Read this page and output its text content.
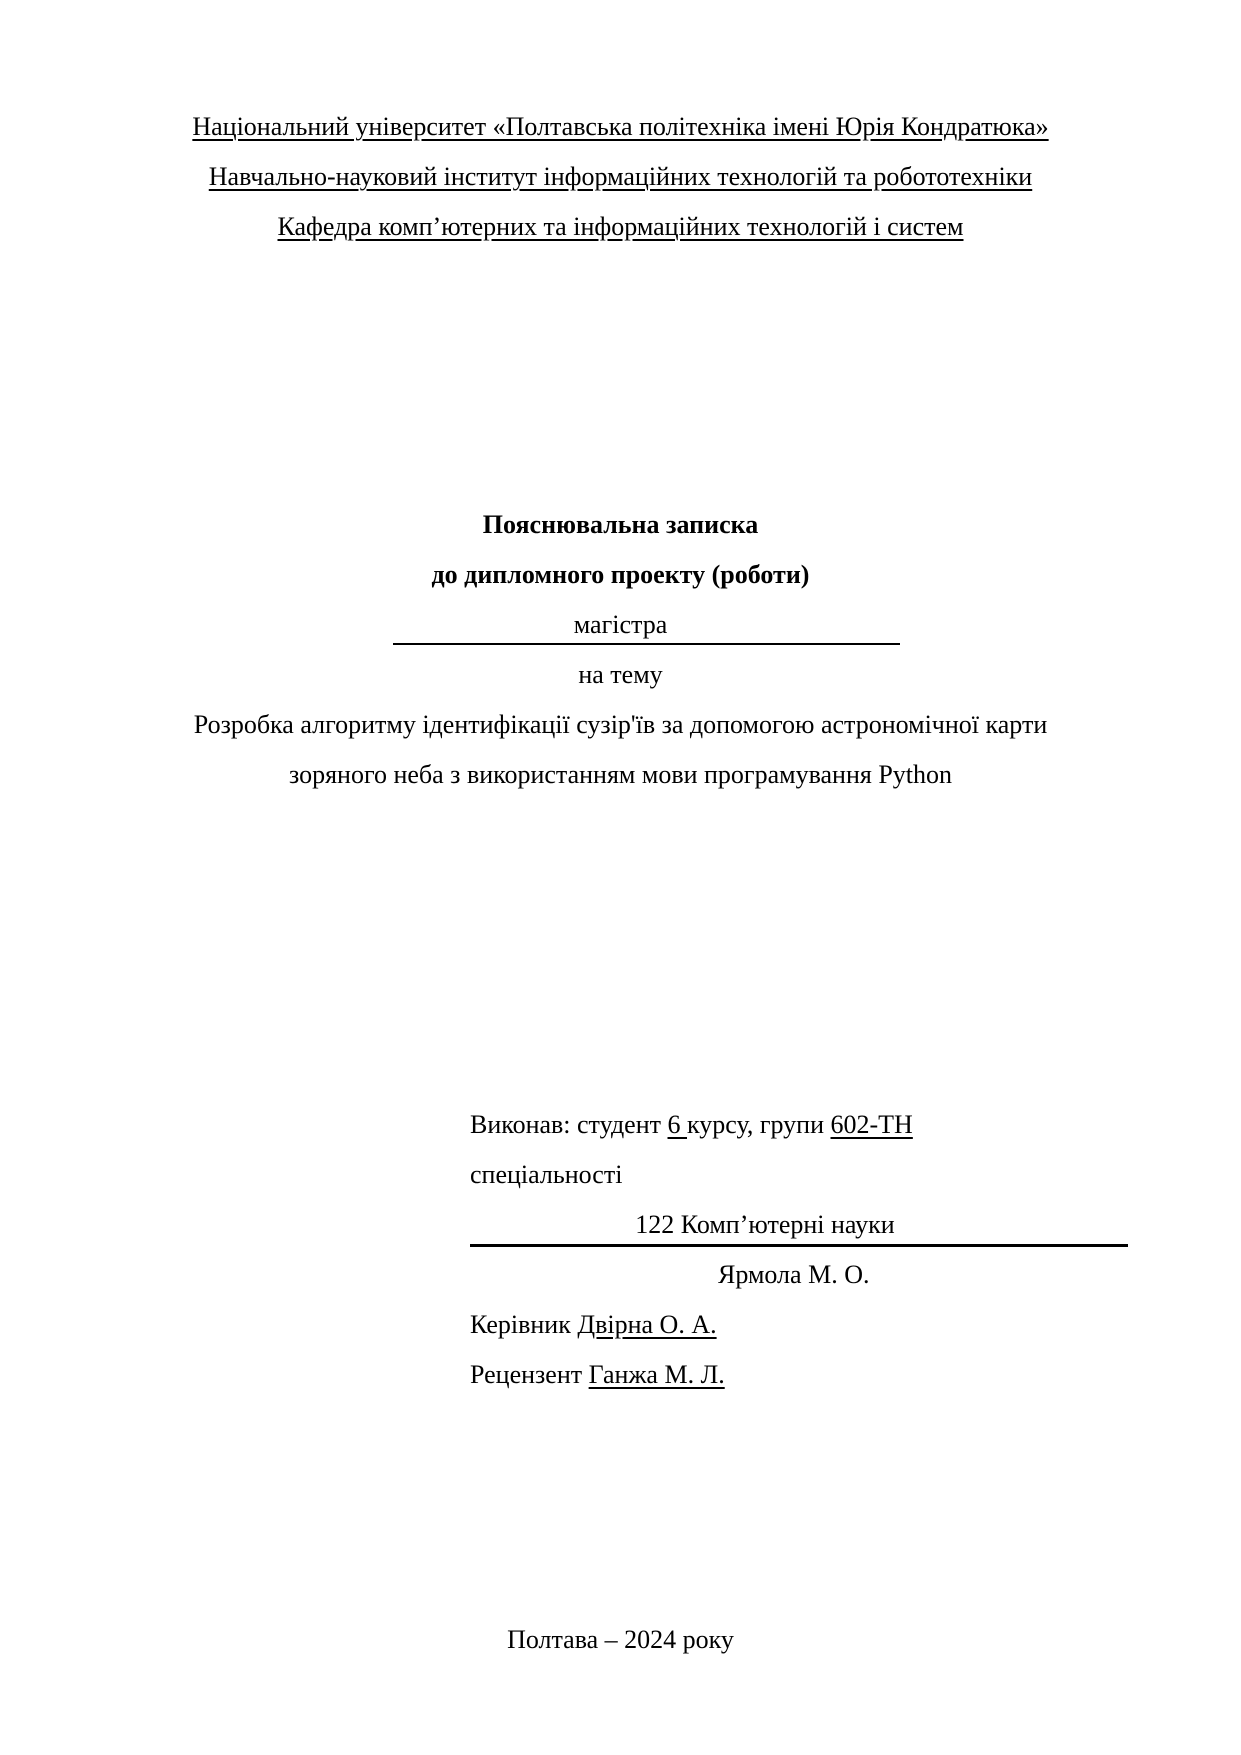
Національний університет «Полтавська політехніка імені Юрія Кондратюка»
Навчально-науковий інститут інформаційних технологій та робототехніки
Кафедра комп’ютерних та інформаційних технологій і систем
Пояснювальна записка
до дипломного проекту (роботи)
магістра
на тему
Розробка алгоритму ідентифікації сузір'їв за допомогою астрономічної карти
зоряного неба з використанням мови програмування Python
Виконав: студент 6 курсу, групи 602-ТН
спеціальності
122 Комп’ютерні науки
Ярмола М. О.
Керівник Двірна О. А.
Рецензент Ганжа М. Л.
Полтава – 2024 року
